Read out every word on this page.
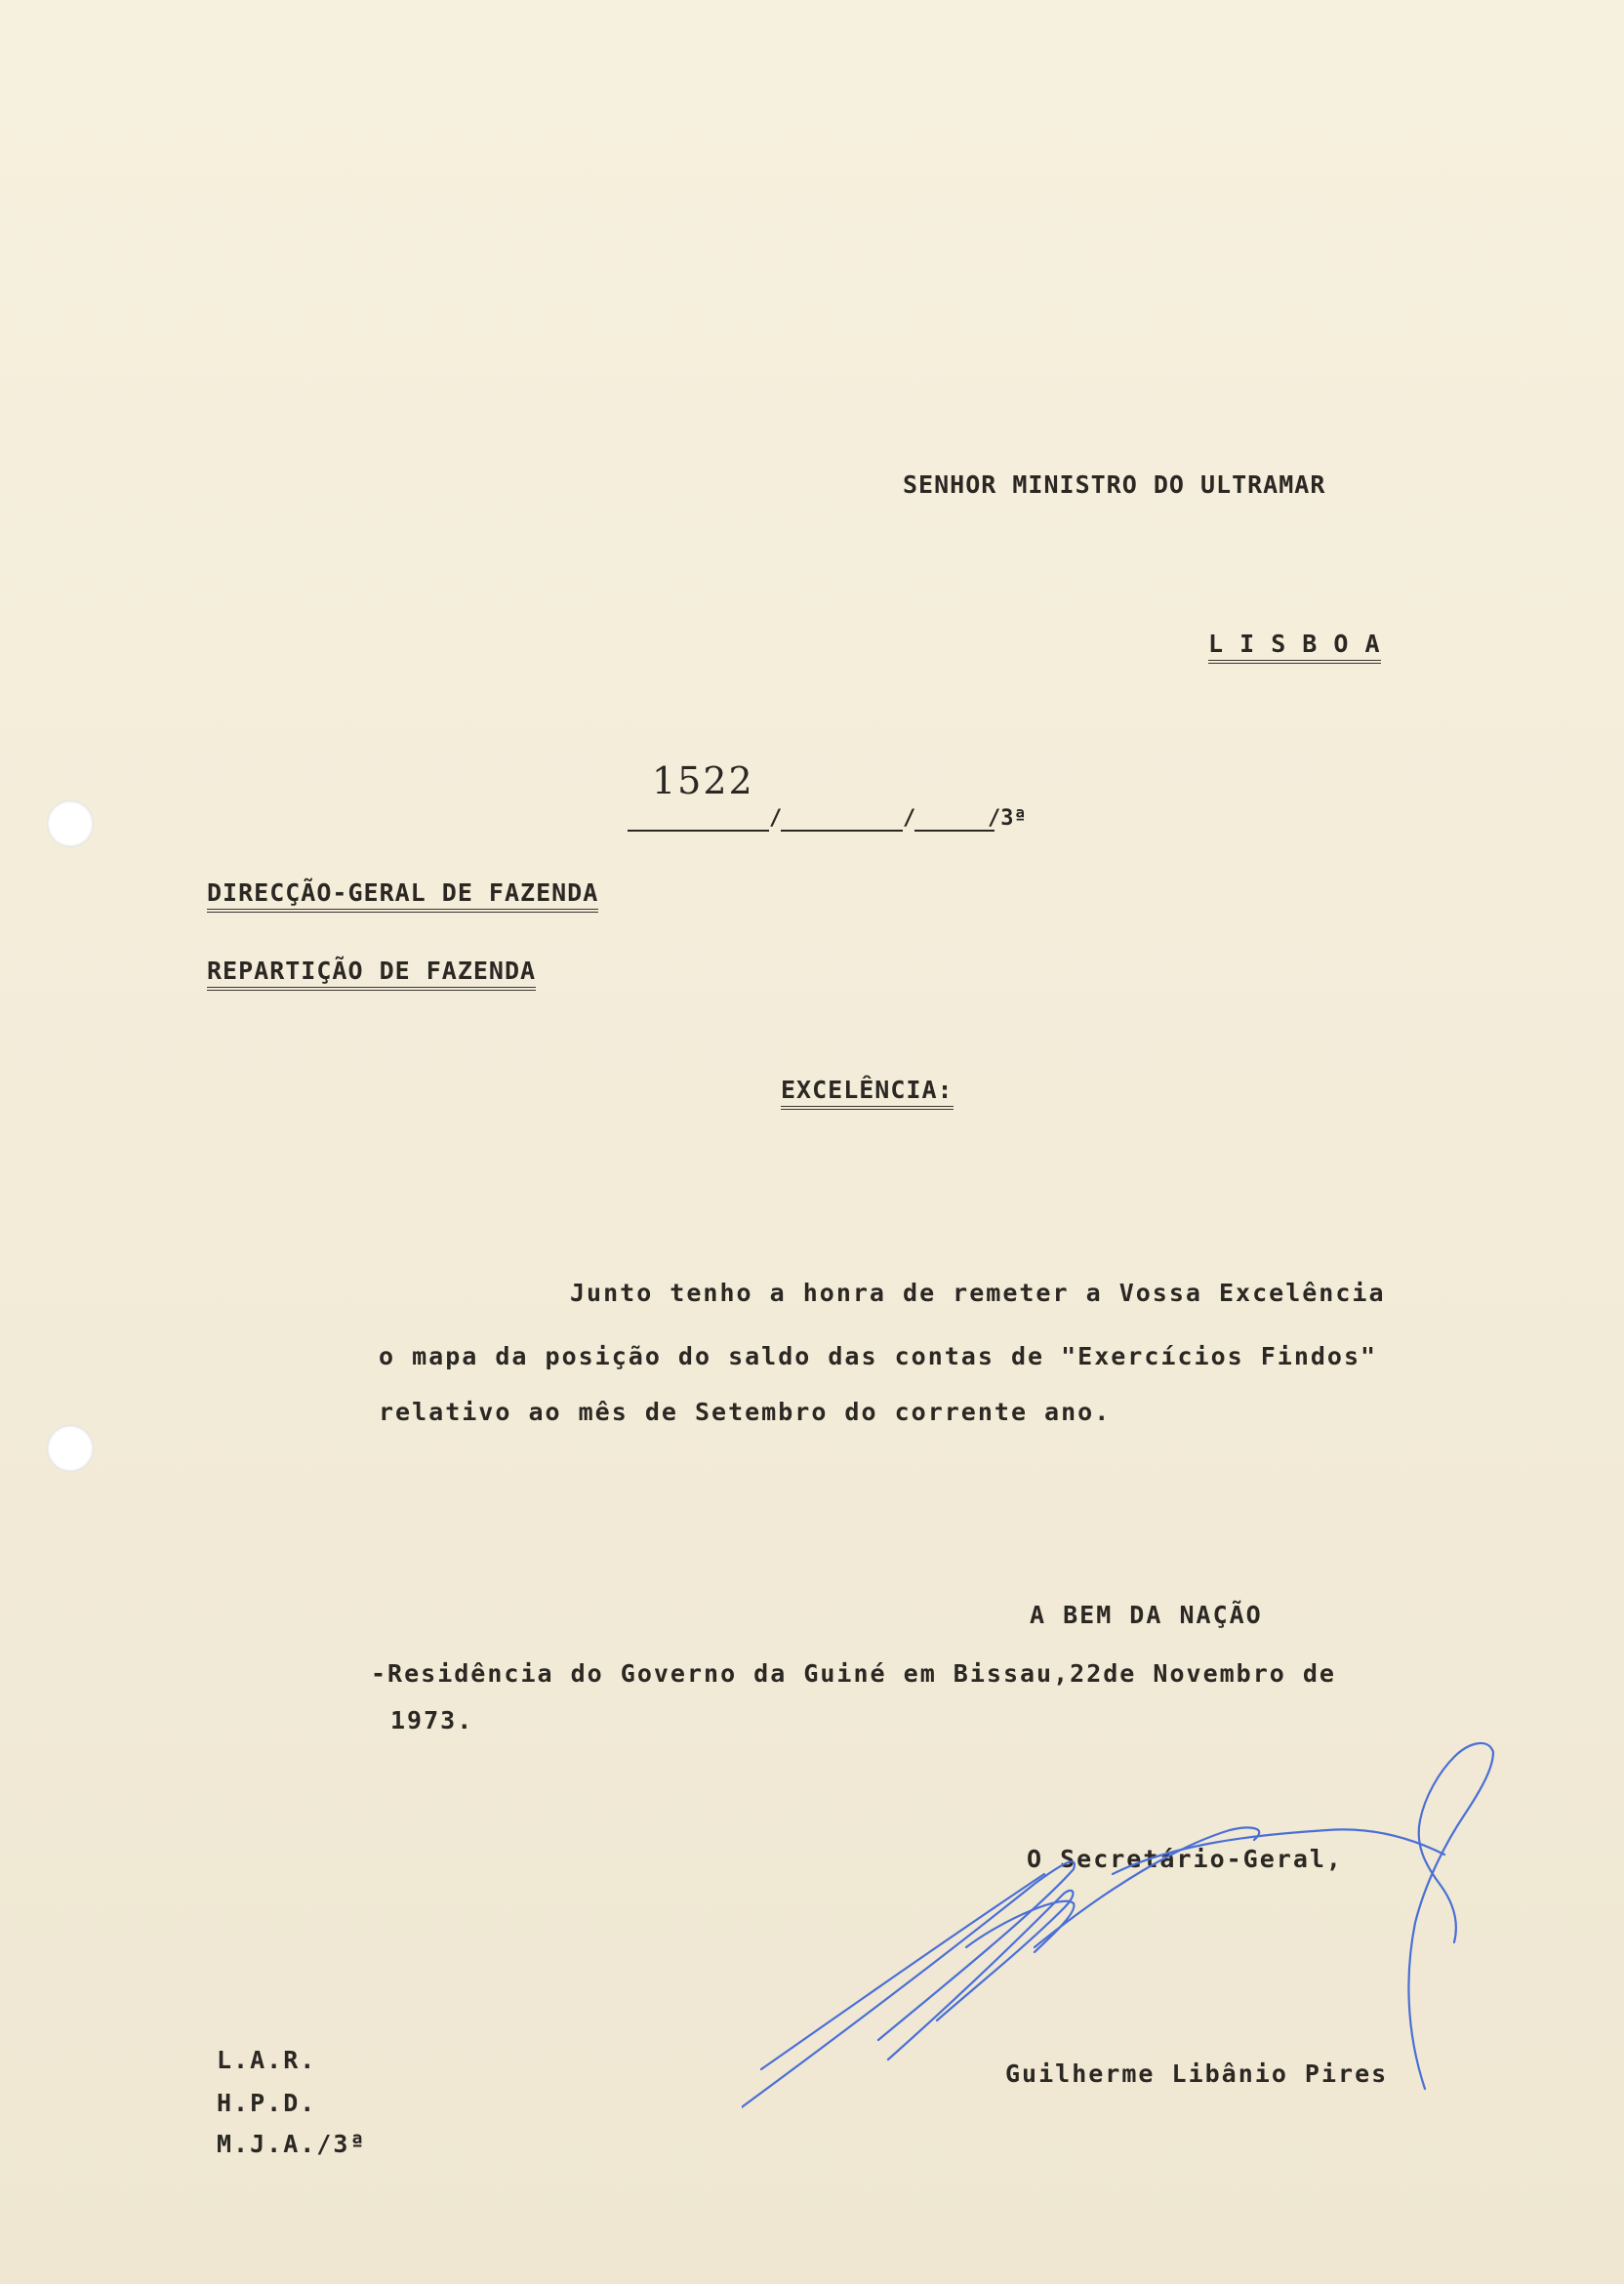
SENHOR MINISTRO DO ULTRAMAR
L I S B O A
1522
/	/	/3ª
DIRECÇÃO-GERAL DE FAZENDA
REPARTIÇÃO DE FAZENDA
EXCELÊNCIA:
Junto tenho a honra de remeter a Vossa Excelência
o mapa da posição do saldo das contas de "Exercícios Findos"
relativo ao mês de Setembro do corrente ano.
A BEM DA NAÇÃO
-Residência do Governo da Guiné em Bissau,22de Novembro de
1973.
O Secretário-Geral,
Guilherme Libânio Pires
L.A.R.
H.P.D.
M.J.A./3ª
